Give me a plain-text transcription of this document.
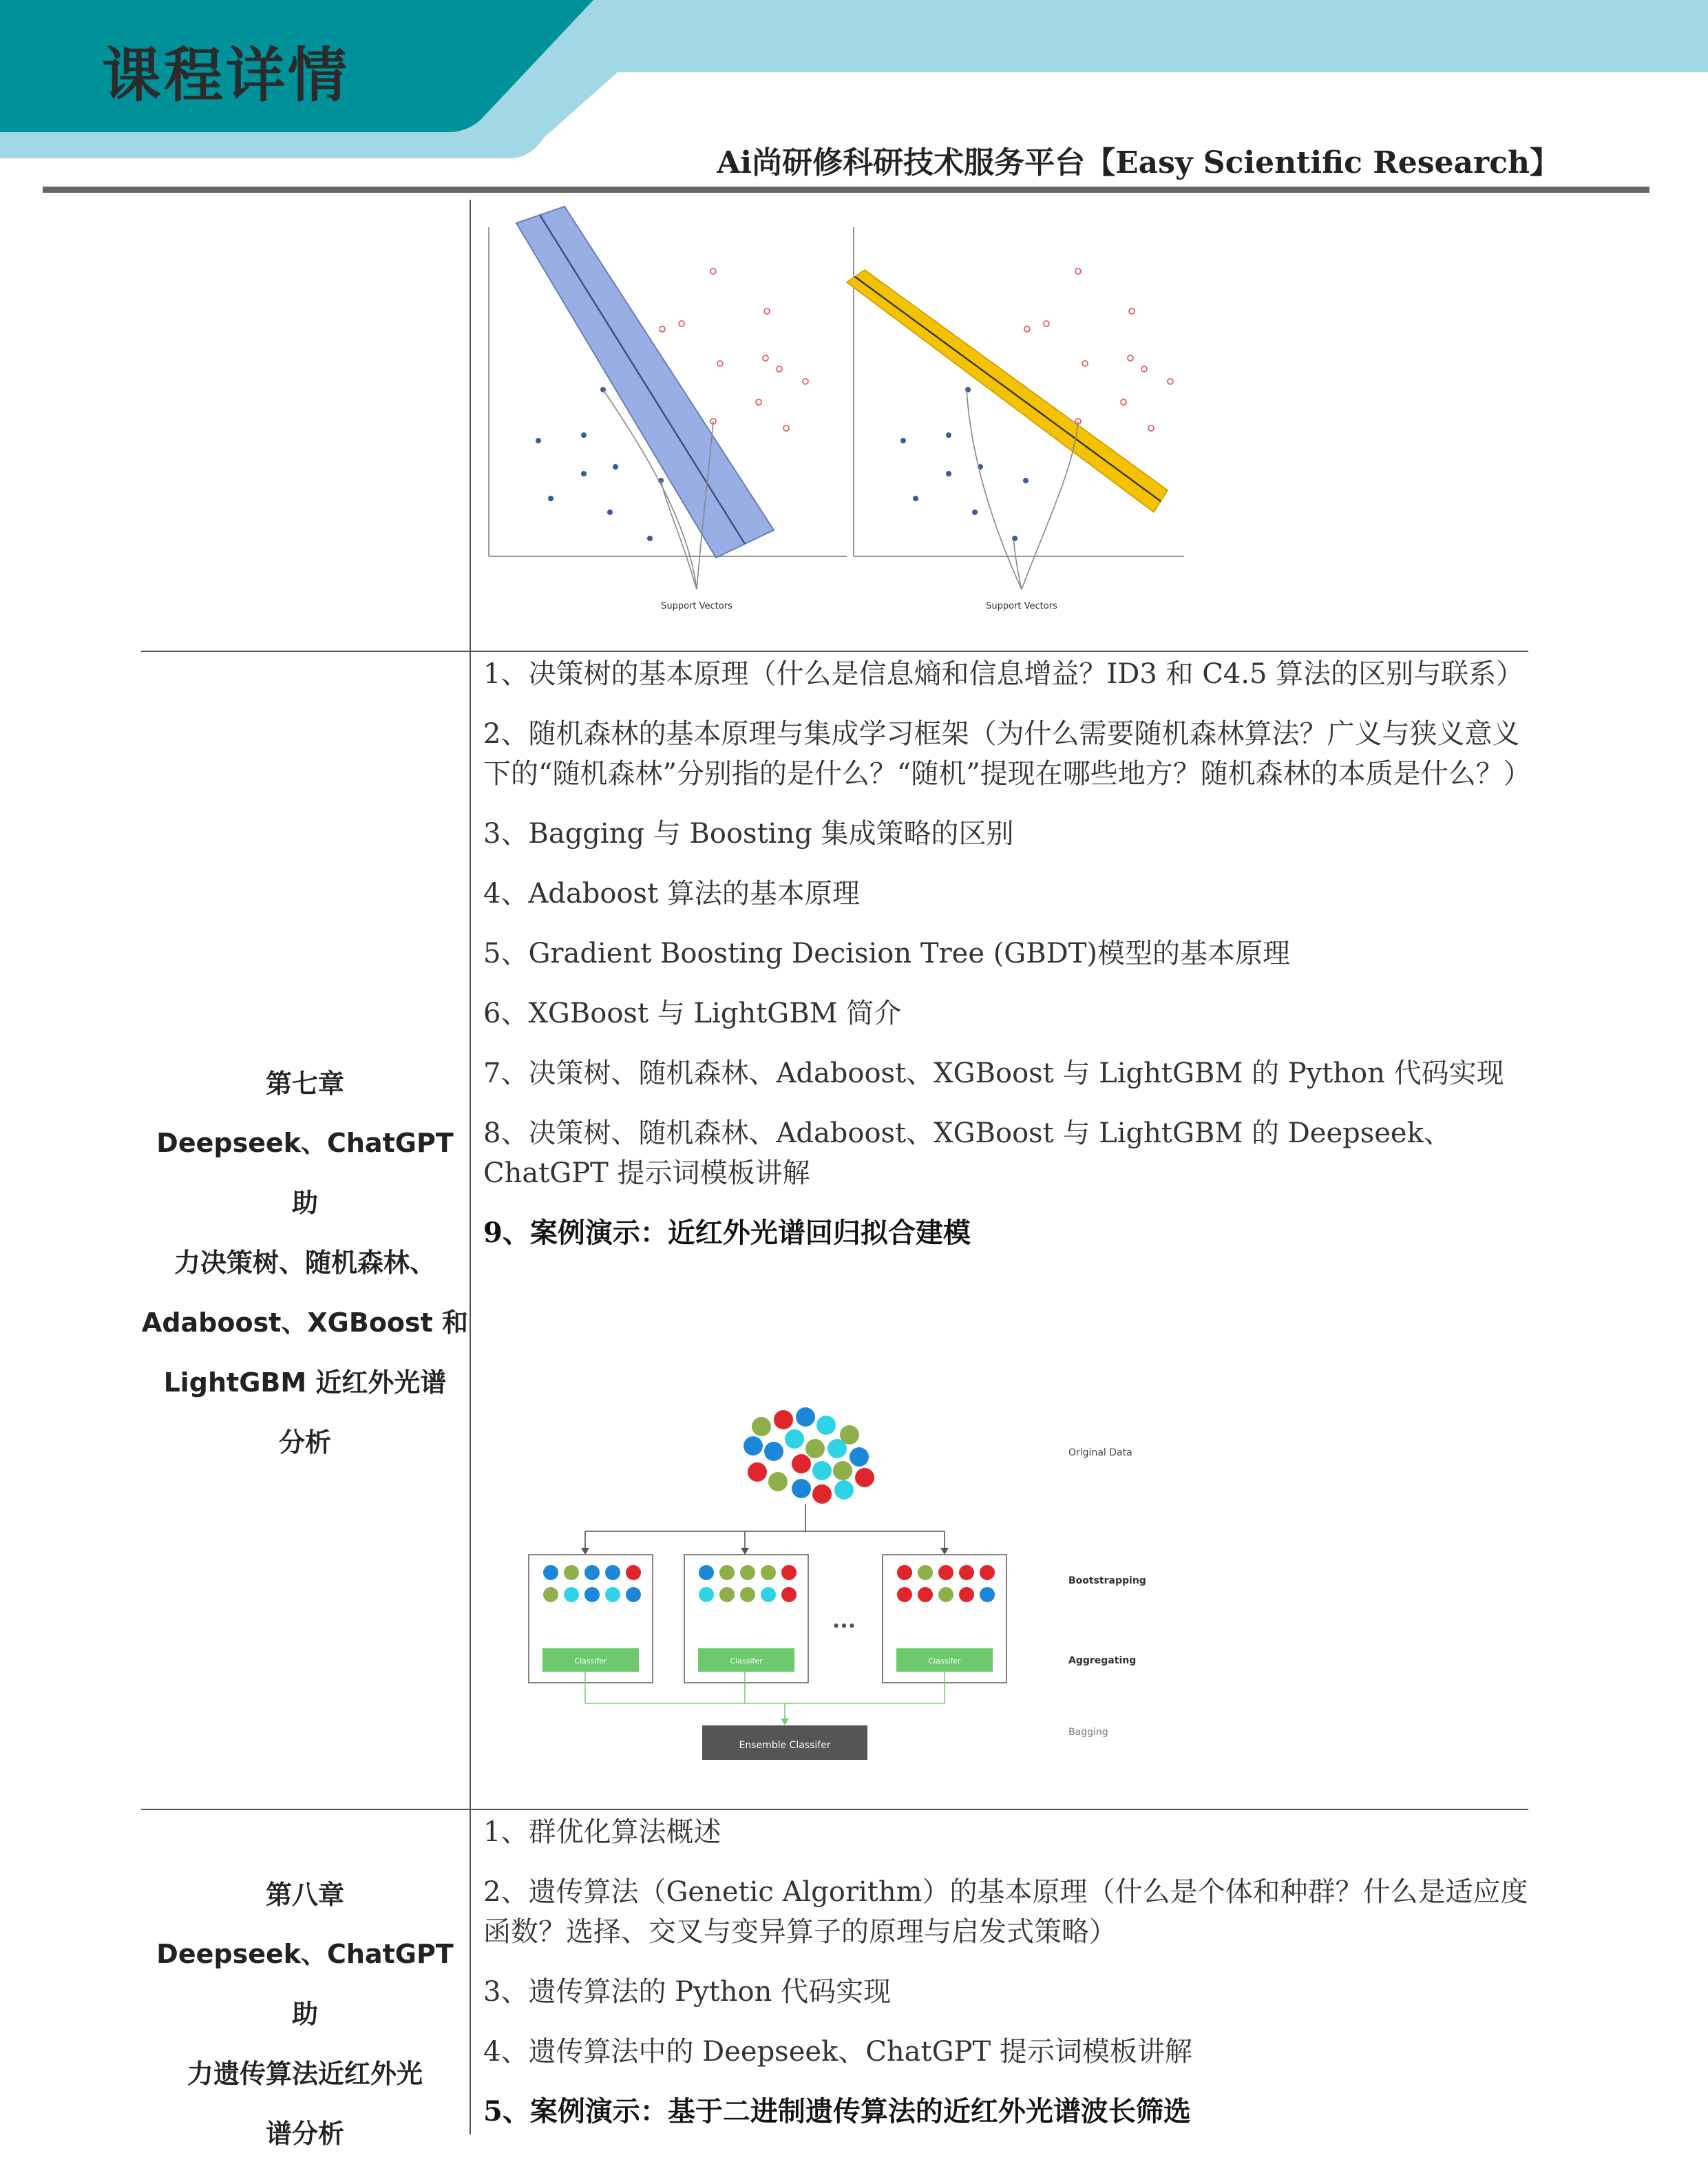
课程详情
Ai尚研修科研技术服务平台【Easy Scientific Research】
Support Vectors	Support Vectors
第七章
Deepseek、ChatGPT 助
力决策树、随机森林、
Adaboost、XGBoost 和
LightGBM 近红外光谱
分析
1、决策树的基本原理（什么是信息熵和信息增益？ID3 和 C4.5 算法的区别与联系）
2、随机森林的基本原理与集成学习框架（为什么需要随机森林算法？广义与狭义意义下的“随机森林”分别指的是什么？“随机”提现在哪些地方？随机森林的本质是什么？）
3、Bagging 与 Boosting 集成策略的区别
4、Adaboost 算法的基本原理
5、Gradient Boosting Decision Tree (GBDT)模型的基本原理
6、XGBoost 与 LightGBM 简介
7、决策树、随机森林、Adaboost、XGBoost 与 LightGBM 的 Python 代码实现
8、决策树、随机森林、Adaboost、XGBoost 与 LightGBM 的 Deepseek、ChatGPT 提示词模板讲解
9、案例演示：近红外光谱回归拟合建模
Classifer	Classifer	Classifer
•••
Ensemble Classifer
Original Data
Bootstrapping
Aggregating
Bagging
第八章
Deepseek、ChatGPT 助
力遗传算法近红外光
谱分析
1、群优化算法概述
2、遗传算法（Genetic Algorithm）的基本原理（什么是个体和种群？什么是适应度函数？选择、交叉与变异算子的原理与启发式策略）
3、遗传算法的 Python 代码实现
4、遗传算法中的 Deepseek、ChatGPT 提示词模板讲解
5、案例演示：基于二进制遗传算法的近红外光谱波长筛选
